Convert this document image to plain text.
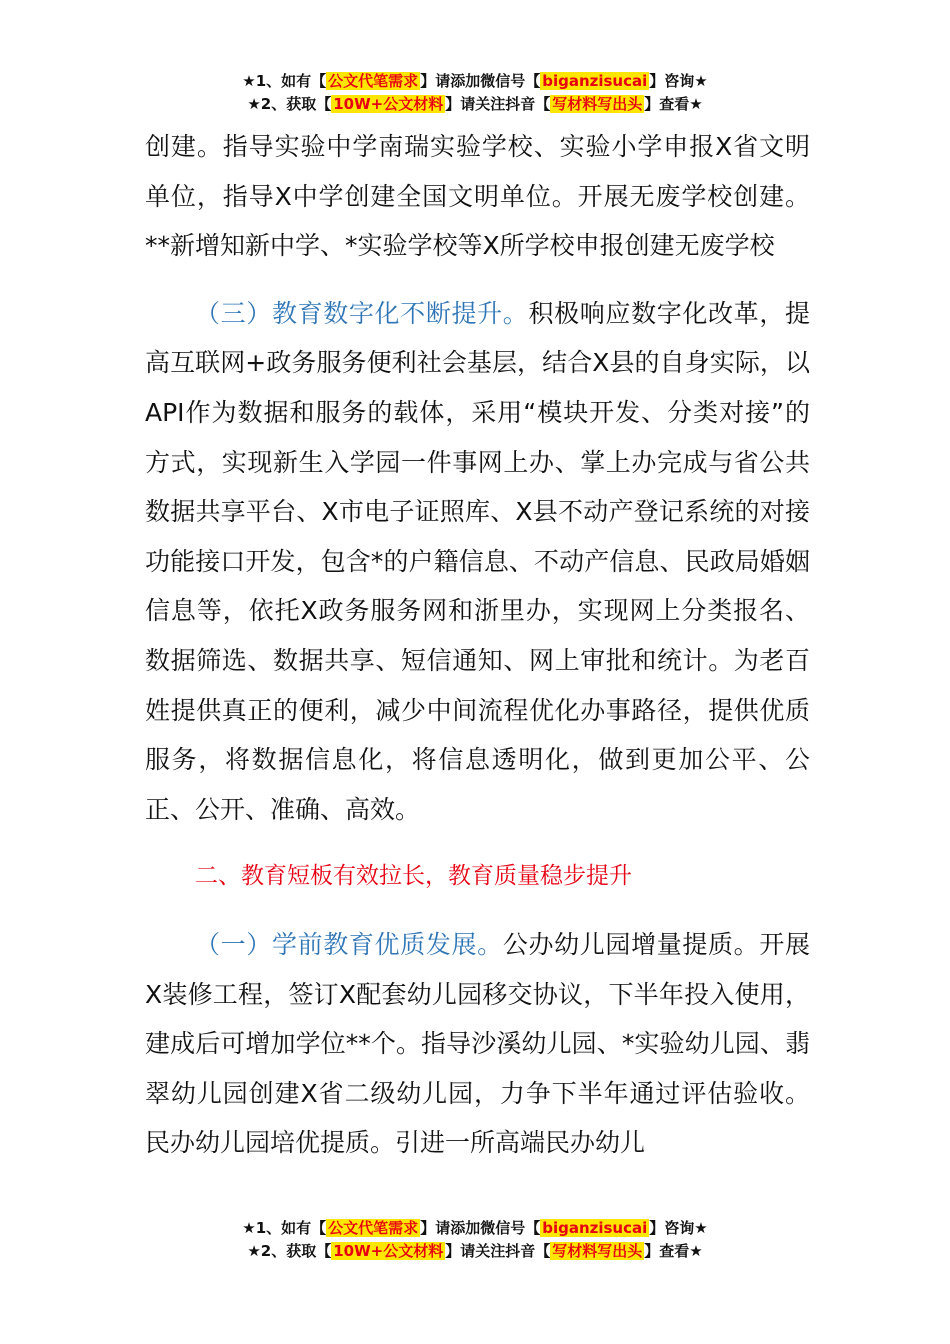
★1、如有【 公文代笔需求 】请添加微信号【 biganzisucai 】咨询★
★2、获取【 10W+公文材料 】请关注抖音【 写材料写出头 】查看★

创建。指导实验中学南瑞实验学校、实验小学申报X省文明单位，指导X中学创建全国文明单位。开展无废学校创建。**新增知新中学、*实验学校等X所学校申报创建无废学校

（三）教育数字化不断提升。积极响应数字化改革，提高互联网+政务服务便利社会基层，结合X县的自身实际，以API作为数据和服务的载体，采用“模块开发、分类对接”的方式，实现新生入学园一件事网上办、掌上办完成与省公共数据共享平台、X市电子证照库、X县不动产登记系统的对接功能接口开发，包含*的户籍信息、不动产信息、民政局婚姻信息等，依托X政务服务网和浙里办，实现网上分类报名、数据筛选、数据共享、短信通知、网上审批和统计。为老百姓提供真正的便利，减少中间流程优化办事路径，提供优质服务，将数据信息化，将信息透明化，做到更加公平、公正、公开、准确、高效。

二、教育短板有效拉长，教育质量稳步提升

（一）学前教育优质发展。公办幼儿园增量提质。开展X装修工程，签订X配套幼儿园移交协议，下半年投入使用，建成后可增加学位**个。指导沙溪幼儿园、*实验幼儿园、翡翠幼儿园创建X省二级幼儿园，力争下半年通过评估验收。民办幼儿园培优提质。引进一所高端民办幼儿

★1、如有【 公文代笔需求 】请添加微信号【 biganzisucai 】咨询★
★2、获取【 10W+公文材料 】请关注抖音【 写材料写出头 】查看★
